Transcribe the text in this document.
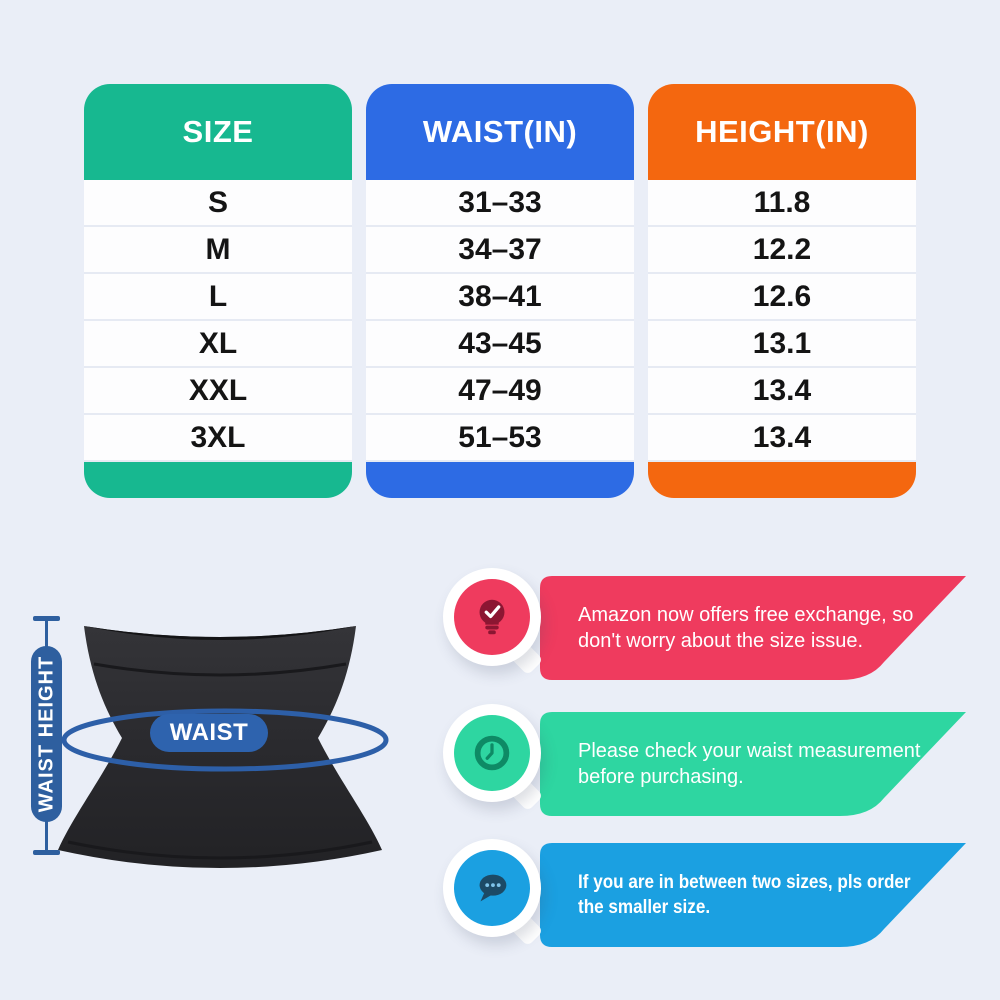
SIZE
S
M
L
XL
XXL
3XL
WAIST(IN)
31–33
34–37
38–41
43–45
47–49
51–53
HEIGHT(IN)
11.8
12.2
12.6
13.1
13.4
13.4
WAIST
WAIST HEIGHT
Amazon now offers free exchange, so don't worry about the size issue.
Please check your waist measurement before purchasing.
If you are in between two sizes, pls order the smaller size.
